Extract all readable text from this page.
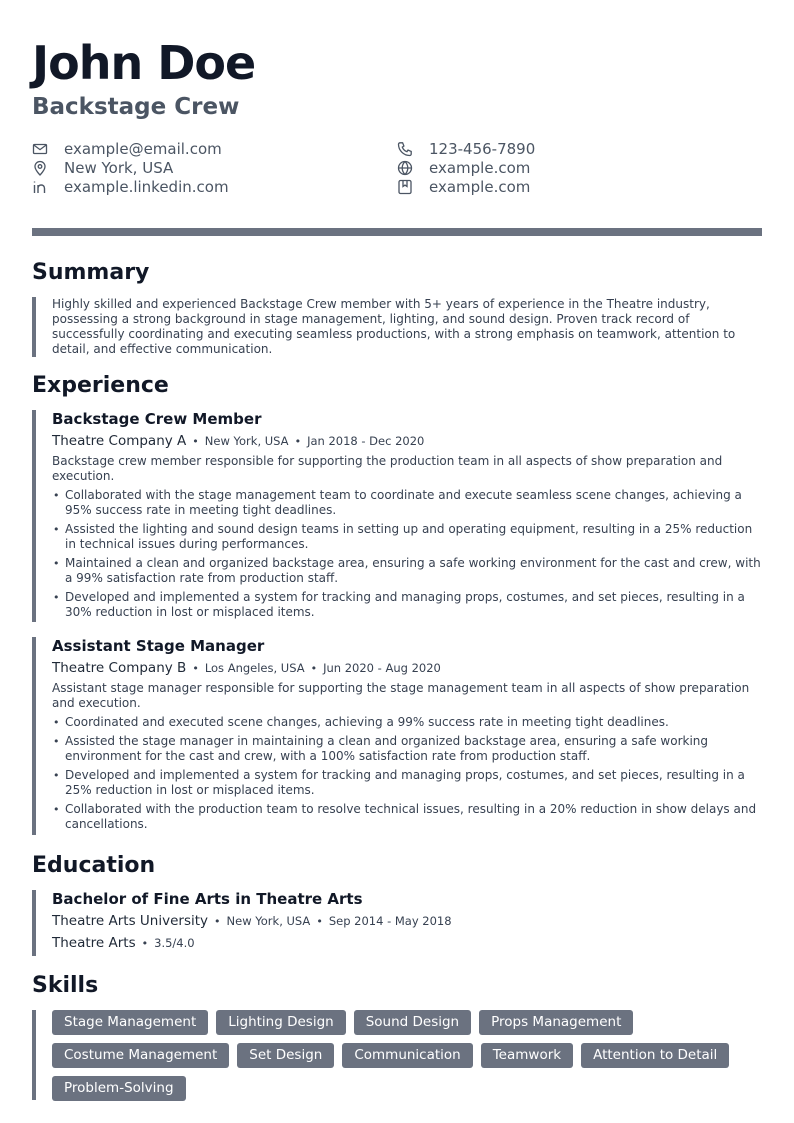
John Doe
Backstage Crew
example@email.com
New York, USA
example.linkedin.com
123-456-7890
example.com
example.com
Summary

Highly skilled and experienced Backstage Crew member with 5+ years of experience in the Theatre industry, possessing a strong background in stage management, lighting, and sound design. Proven track record of successfully coordinating and executing seamless productions, with a strong emphasis on teamwork, attention to detail, and effective communication.

Experience
Backstage Crew Member
Theatre Company A • New York, USA • Jan 2018 - Dec 2020

Backstage crew member responsible for supporting the production team in all aspects of show preparation and execution.

• Collaborated with the stage management team to coordinate and execute seamless scene changes, achieving a 95% success rate in meeting tight deadlines.
• Assisted the lighting and sound design teams in setting up and operating equipment, resulting in a 25% reduction in technical issues during performances.
• Maintained a clean and organized backstage area, ensuring a safe working environment for the cast and crew, with a 99% satisfaction rate from production staff.
• Developed and implemented a system for tracking and managing props, costumes, and set pieces, resulting in a 30% reduction in lost or misplaced items.
Assistant Stage Manager
Theatre Company B • Los Angeles, USA • Jun 2020 - Aug 2020

Assistant stage manager responsible for supporting the stage management team in all aspects of show preparation and execution.

• Coordinated and executed scene changes, achieving a 99% success rate in meeting tight deadlines.
• Assisted the stage manager in maintaining a clean and organized backstage area, ensuring a safe working environment for the cast and crew, with a 100% satisfaction rate from production staff.
• Developed and implemented a system for tracking and managing props, costumes, and set pieces, resulting in a 25% reduction in lost or misplaced items.
• Collaborated with the production team to resolve technical issues, resulting in a 20% reduction in show delays and cancellations.
Education
Bachelor of Fine Arts in Theatre Arts
Theatre Arts University • New York, USA • Sep 2014 - May 2018
Theatre Arts • 3.5/4.0
Skills
Stage Management	Lighting Design	Sound Design	Props Management
Costume Management	Set Design	Communication	Teamwork	Attention to Detail
Problem-Solving
